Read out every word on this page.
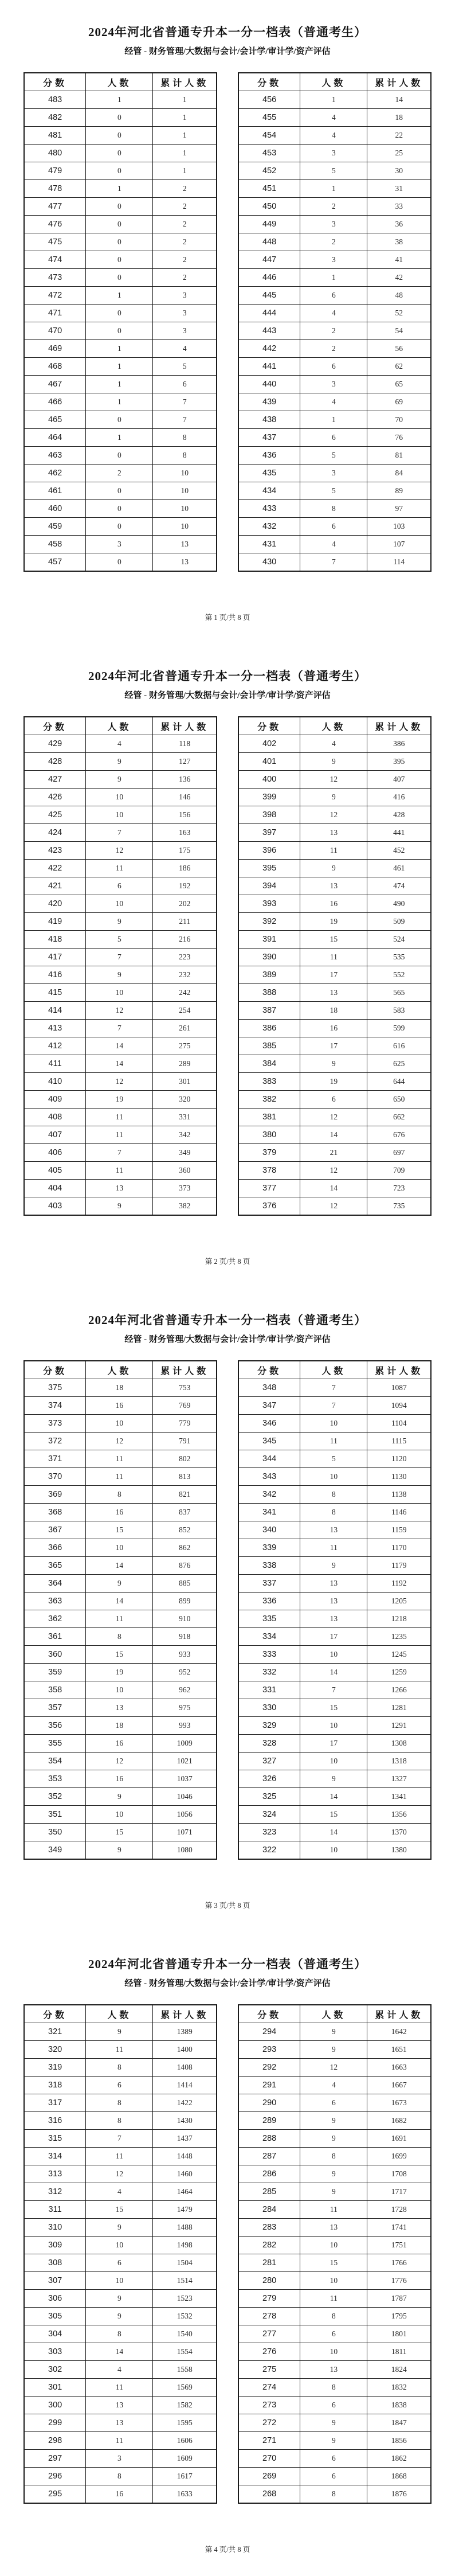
2024年河北省普通专升本一分一档表（普通考生）
经管 - 财务管理/大数据与会计/会计学/审计学/资产评估
分数	人数	累计人数
483	1	1
482	0	1
481	0	1
480	0	1
479	0	1
478	1	2
477	0	2
476	0	2
475	0	2
474	0	2
473	0	2
472	1	3
471	0	3
470	0	3
469	1	4
468	1	5
467	1	6
466	1	7
465	0	7
464	1	8
463	0	8
462	2	10
461	0	10
460	0	10
459	0	10
458	3	13
457	0	13
分数	人数	累计人数
456	1	14
455	4	18
454	4	22
453	3	25
452	5	30
451	1	31
450	2	33
449	3	36
448	2	38
447	3	41
446	1	42
445	6	48
444	4	52
443	2	54
442	2	56
441	6	62
440	3	65
439	4	69
438	1	70
437	6	76
436	5	81
435	3	84
434	5	89
433	8	97
432	6	103
431	4	107
430	7	114
第 1 页/共 8 页
2024年河北省普通专升本一分一档表（普通考生）
经管 - 财务管理/大数据与会计/会计学/审计学/资产评估
分数	人数	累计人数
429	4	118
428	9	127
427	9	136
426	10	146
425	10	156
424	7	163
423	12	175
422	11	186
421	6	192
420	10	202
419	9	211
418	5	216
417	7	223
416	9	232
415	10	242
414	12	254
413	7	261
412	14	275
411	14	289
410	12	301
409	19	320
408	11	331
407	11	342
406	7	349
405	11	360
404	13	373
403	9	382
分数	人数	累计人数
402	4	386
401	9	395
400	12	407
399	9	416
398	12	428
397	13	441
396	11	452
395	9	461
394	13	474
393	16	490
392	19	509
391	15	524
390	11	535
389	17	552
388	13	565
387	18	583
386	16	599
385	17	616
384	9	625
383	19	644
382	6	650
381	12	662
380	14	676
379	21	697
378	12	709
377	14	723
376	12	735
第 2 页/共 8 页
2024年河北省普通专升本一分一档表（普通考生）
经管 - 财务管理/大数据与会计/会计学/审计学/资产评估
分数	人数	累计人数
375	18	753
374	16	769
373	10	779
372	12	791
371	11	802
370	11	813
369	8	821
368	16	837
367	15	852
366	10	862
365	14	876
364	9	885
363	14	899
362	11	910
361	8	918
360	15	933
359	19	952
358	10	962
357	13	975
356	18	993
355	16	1009
354	12	1021
353	16	1037
352	9	1046
351	10	1056
350	15	1071
349	9	1080
分数	人数	累计人数
348	7	1087
347	7	1094
346	10	1104
345	11	1115
344	5	1120
343	10	1130
342	8	1138
341	8	1146
340	13	1159
339	11	1170
338	9	1179
337	13	1192
336	13	1205
335	13	1218
334	17	1235
333	10	1245
332	14	1259
331	7	1266
330	15	1281
329	10	1291
328	17	1308
327	10	1318
326	9	1327
325	14	1341
324	15	1356
323	14	1370
322	10	1380
第 3 页/共 8 页
2024年河北省普通专升本一分一档表（普通考生）
经管 - 财务管理/大数据与会计/会计学/审计学/资产评估
分数	人数	累计人数
321	9	1389
320	11	1400
319	8	1408
318	6	1414
317	8	1422
316	8	1430
315	7	1437
314	11	1448
313	12	1460
312	4	1464
311	15	1479
310	9	1488
309	10	1498
308	6	1504
307	10	1514
306	9	1523
305	9	1532
304	8	1540
303	14	1554
302	4	1558
301	11	1569
300	13	1582
299	13	1595
298	11	1606
297	3	1609
296	8	1617
295	16	1633
分数	人数	累计人数
294	9	1642
293	9	1651
292	12	1663
291	4	1667
290	6	1673
289	9	1682
288	9	1691
287	8	1699
286	9	1708
285	9	1717
284	11	1728
283	13	1741
282	10	1751
281	15	1766
280	10	1776
279	11	1787
278	8	1795
277	6	1801
276	10	1811
275	13	1824
274	8	1832
273	6	1838
272	9	1847
271	9	1856
270	6	1862
269	6	1868
268	8	1876
第 4 页/共 8 页
